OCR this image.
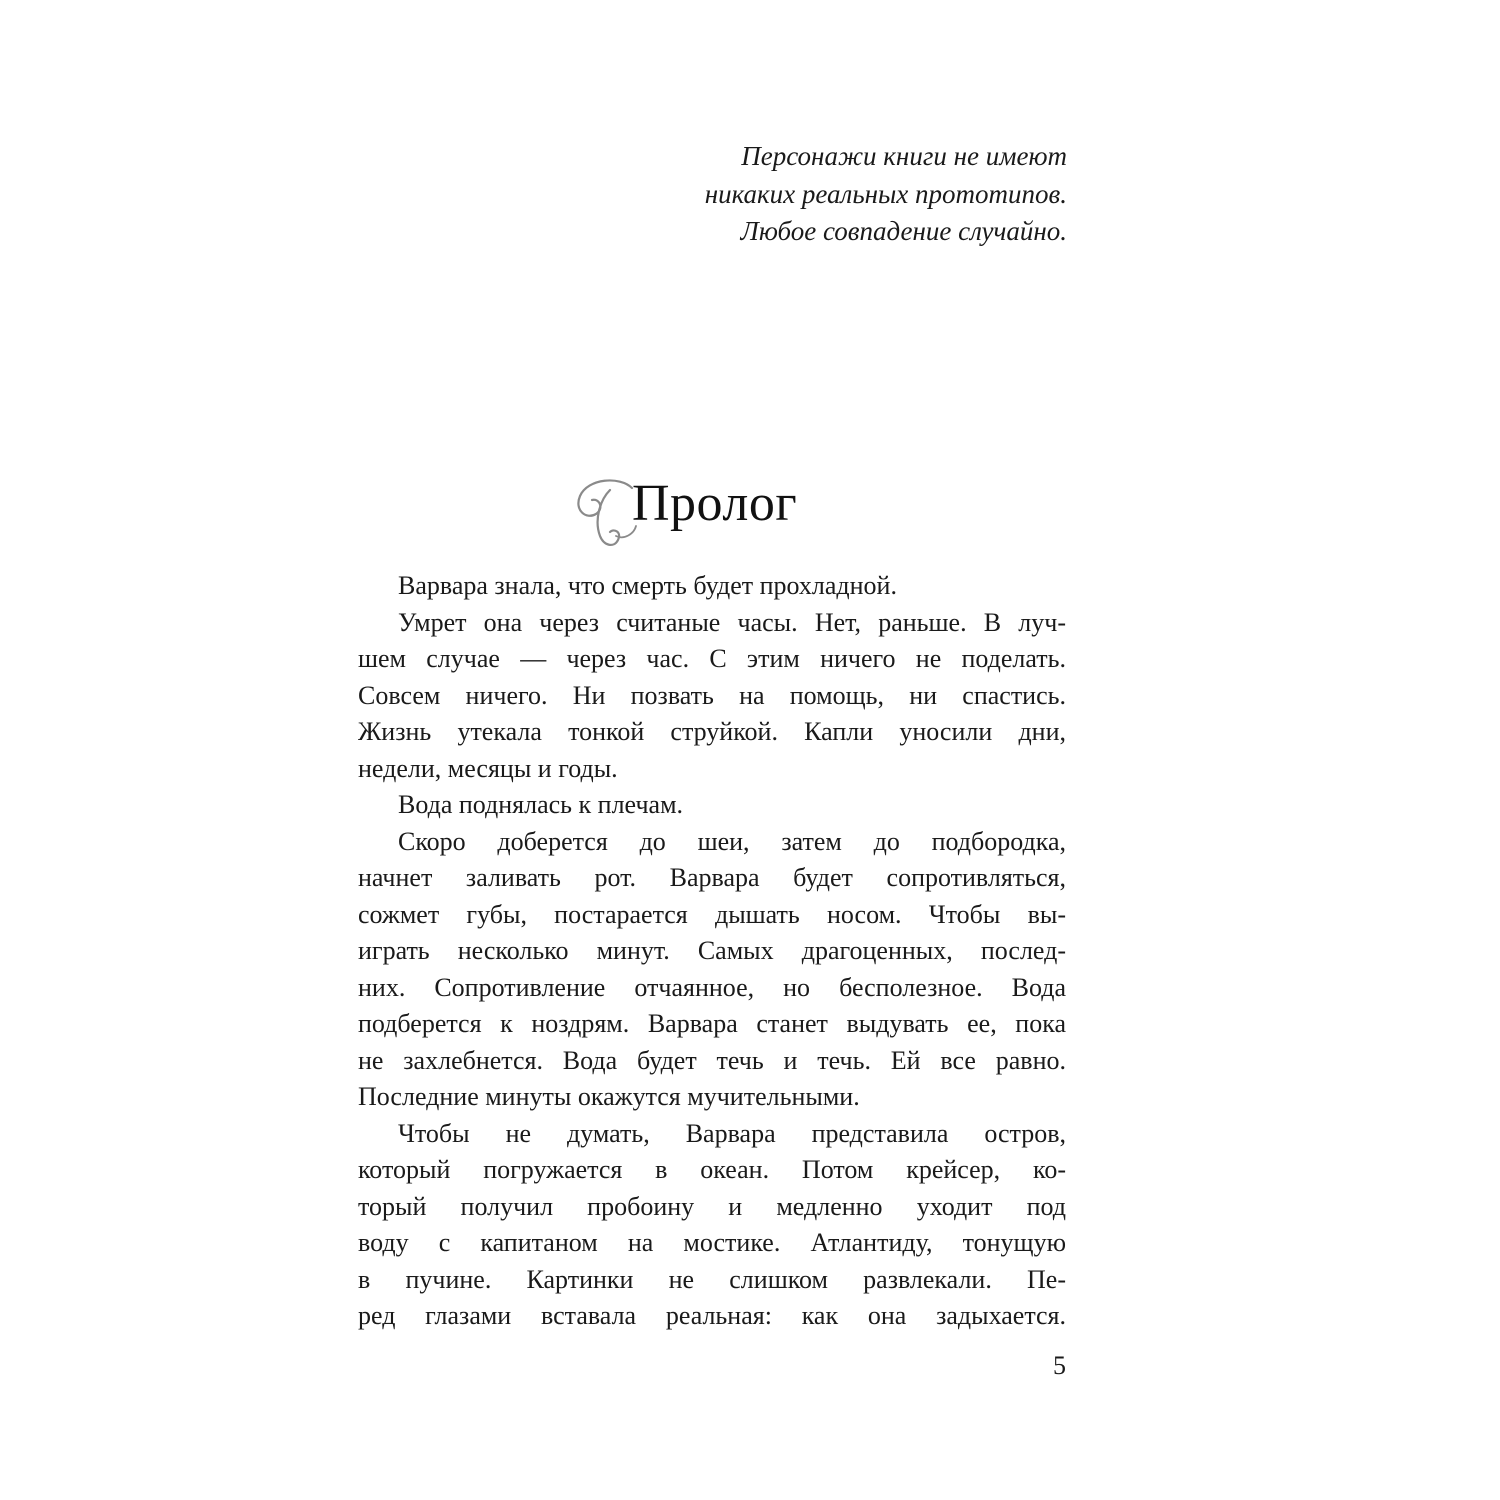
Персонажи книги не имеют
никаких реальных прототипов.
Любое совпадение случайно.
Пролог

Варвара знала, что смерть будет прохладной.

Умрет она через считаные часы. Нет, раньше. В луч-
шем случае — через час. С этим ничего не поделать.
Совсем ничего. Ни позвать на помощь, ни спастись.
Жизнь утекала тонкой струйкой. Капли уносили дни,
недели, месяцы и годы.

Вода поднялась к плечам.

Скоро доберется до шеи, затем до подбородка,
начнет заливать рот. Варвара будет сопротивляться,
сожмет губы, постарается дышать носом. Чтобы вы-
играть несколько минут. Самых драгоценных, послед-
них. Сопротивление отчаянное, но бесполезное. Вода
подберется к ноздрям. Варвара станет выдувать ее, пока
не захлебнется. Вода будет течь и течь. Ей все равно.
Последние минуты окажутся мучительными.

Чтобы не думать, Варвара представила остров,
который погружается в океан. Потом крейсер, ко-
торый получил пробоину и медленно уходит под
воду с капитаном на мостике. Атлантиду, тонущую
в пучине. Картинки не слишком развлекали. Пе-
ред глазами вставала реальная: как она задыхается.

5
